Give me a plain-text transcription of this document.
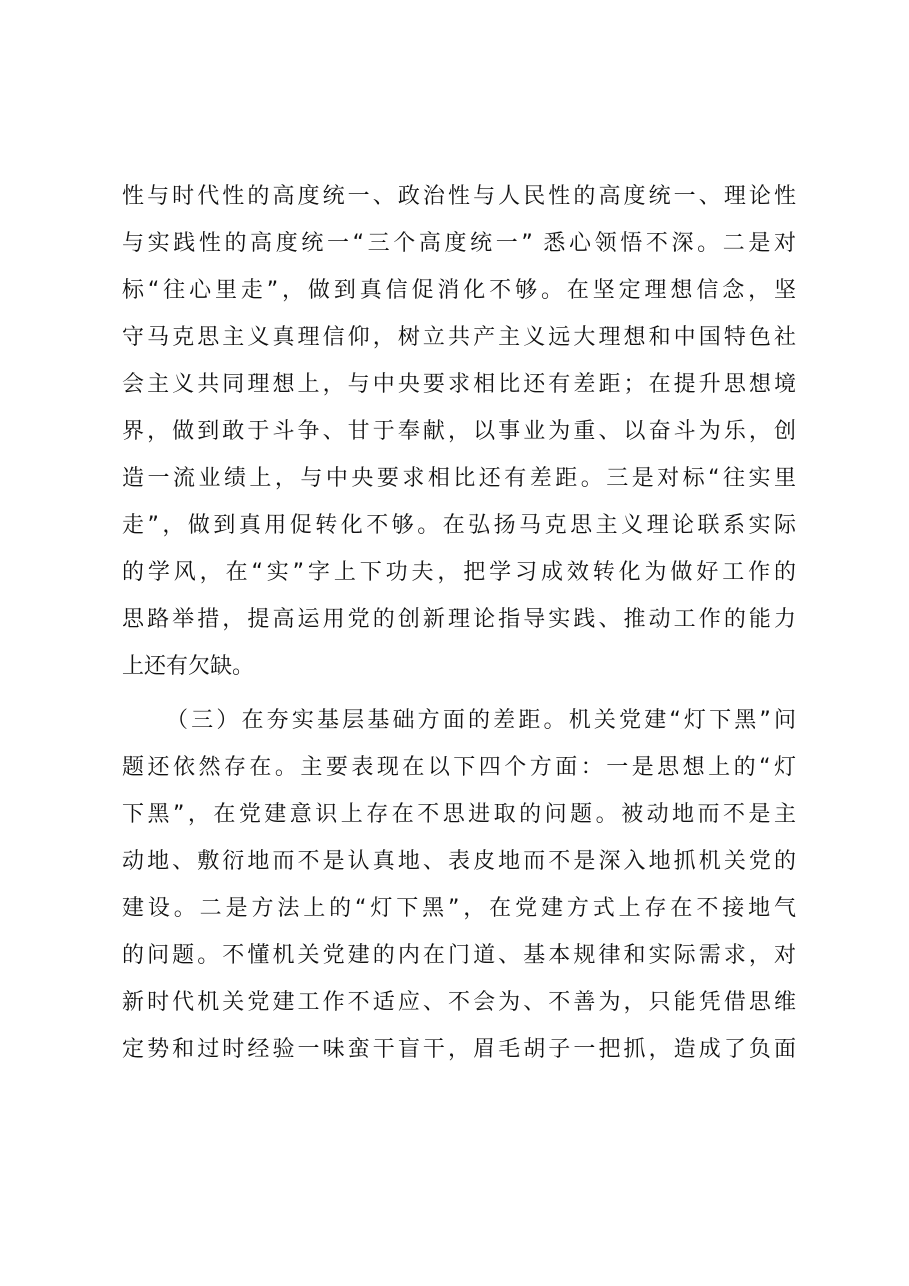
性与时代性的高度统一、政治性与人民性的高度统一、理论性
与实践性的高度统一“三个高度统一” 悉心领悟不深。二是对
标“往心里走”，做到真信促消化不够。在坚定理想信念，坚
守马克思主义真理信仰，树立共产主义远大理想和中国特色社
会主义共同理想上，与中央要求相比还有差距；在提升思想境
界，做到敢于斗争、甘于奉献，以事业为重、以奋斗为乐，创
造一流业绩上，与中央要求相比还有差距。三是对标“往实里
走”，做到真用促转化不够。在弘扬马克思主义理论联系实际
的学风，在“实”字上下功夫，把学习成效转化为做好工作的
思路举措，提高运用党的创新理论指导实践、推动工作的能力
上还有欠缺。
（三）在夯实基层基础方面的差距。机关党建“灯下黑”问
题还依然存在。主要表现在以下四个方面：一是思想上的“灯
下黑”，在党建意识上存在不思进取的问题。被动地而不是主
动地、敷衍地而不是认真地、表皮地而不是深入地抓机关党的
建设。二是方法上的“灯下黑”，在党建方式上存在不接地气
的问题。不懂机关党建的内在门道、基本规律和实际需求，对
新时代机关党建工作不适应、不会为、不善为，只能凭借思维
定势和过时经验一味蛮干盲干，眉毛胡子一把抓，造成了负面
